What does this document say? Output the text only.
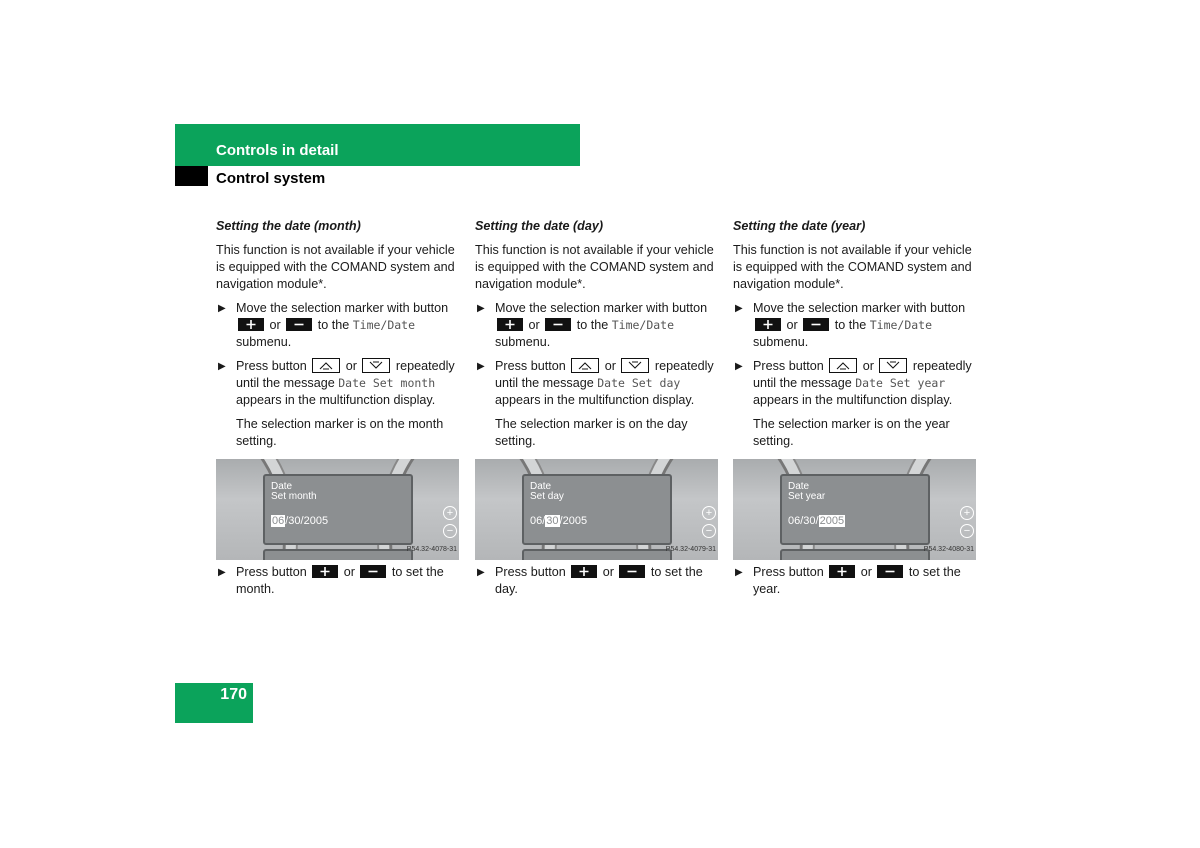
Controls in detail
Control system
Setting the date (month)

This function is not available if your vehicle is equipped with the COMAND system and navigation module*.

▶ Move the selection marker with button
or	to the Time/Date submenu.
▶ Press button	or	repeatedly until the message Date Set month appears in the multifunction display.
The selection marker is on the month setting.
Date
Set month
06/30/2005
+
−
P54.32-4078-31
▶ Press button	or	to set the month.
Setting the date (day)

This function is not available if your vehicle is equipped with the COMAND system and navigation module*.

▶ Move the selection marker with button
or	to the Time/Date submenu.
▶ Press button	or	repeatedly until the message Date Set day appears in the multifunction display.
The selection marker is on the day setting.
Date
Set day
06/30/2005
+
−
P54.32-4079-31
▶ Press button	or	to set the day.
Setting the date (year)

This function is not available if your vehicle is equipped with the COMAND system and navigation module*.

▶ Move the selection marker with button
or	to the Time/Date submenu.
▶ Press button	or	repeatedly until the message Date Set year appears in the multifunction display.
The selection marker is on the year setting.
Date
Set year
06/30/2005
+
−
P54.32-4080-31
▶ Press button	or	to set the year.
170
